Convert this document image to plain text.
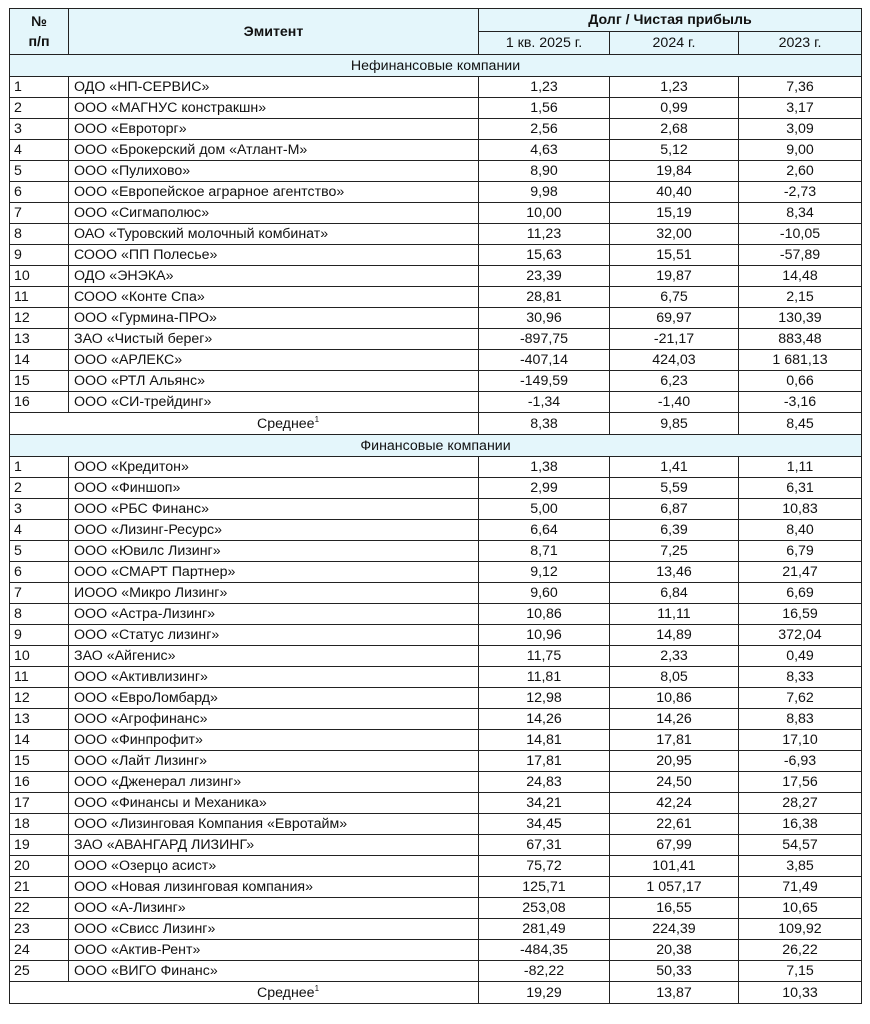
№
п/п	Эмитент	Долг / Чистая прибыль		
		1 кв. 2025 г.	2024 г.	2023 г.
Нефинансовые компании				
1	ОДО «НП-СЕРВИС»	1,23	1,23	7,36
2	ООО «МАГНУС констракшн»	1,56	0,99	3,17
3	ООО «Евроторг»	2,56	2,68	3,09
4	ООО «Брокерский дом «Атлант-М»	4,63	5,12	9,00
5	ООО «Пулихово»	8,90	19,84	2,60
6	ООО «Европейское аграрное агентство»	9,98	40,40	-2,73
7	ООО «Сигмаполюс»	10,00	15,19	8,34
8	ОАО «Туровский молочный комбинат»	11,23	32,00	-10,05
9	СООО «ПП Полесье»	15,63	15,51	-57,89
10	ОДО «ЭНЭКА»	23,39	19,87	14,48
11	СООО «Конте Спа»	28,81	6,75	2,15
12	ООО «Гурмина-ПРО»	30,96	69,97	130,39
13	ЗАО «Чистый берег»	-897,75	-21,17	883,48
14	ООО «АРЛЕКС»	-407,14	424,03	1 681,13
15	ООО «РТЛ Альянс»	-149,59	6,23	0,66
16	ООО «СИ-трейдинг»	-1,34	-1,40	-3,16
Среднее$^1$		8,38	9,85	8,45
Финансовые компании				
1	ООО «Кредитон»	1,38	1,41	1,11
2	ООО «Финшоп»	2,99	5,59	6,31
3	ООО «РБС Финанс»	5,00	6,87	10,83
4	ООО «Лизинг-Ресурс»	6,64	6,39	8,40
5	ООО «Ювилс Лизинг»	8,71	7,25	6,79
6	ООО «СМАРТ Партнер»	9,12	13,46	21,47
7	ИООО «Микро Лизинг»	9,60	6,84	6,69
8	ООО «Астра-Лизинг»	10,86	11,11	16,59
9	ООО «Статус лизинг»	10,96	14,89	372,04
10	ЗАО «Айгенис»	11,75	2,33	0,49
11	ООО «Активлизинг»	11,81	8,05	8,33
12	ООО «ЕвроЛомбард»	12,98	10,86	7,62
13	ООО «Агрофинанс»	14,26	14,26	8,83
14	ООО «Финпрофит»	14,81	17,81	17,10
15	ООО «Лайт Лизинг»	17,81	20,95	-6,93
16	ООО «Дженерал лизинг»	24,83	24,50	17,56
17	ООО «Финансы и Механика»	34,21	42,24	28,27
18	ООО «Лизинговая Компания «Евротайм»	34,45	22,61	16,38
19	ЗАО «АВАНГАРД ЛИЗИНГ»	67,31	67,99	54,57
20	ООО «Озерцо асист»	75,72	101,41	3,85
21	ООО «Новая лизинговая компания»	125,71	1 057,17	71,49
22	ООО «А-Лизинг»	253,08	16,55	10,65
23	ООО «Свисс Лизинг»	281,49	224,39	109,92
24	ООО «Актив-Рент»	-484,35	20,38	26,22
25	ООО «ВИГО Финанс»	-82,22	50,33	7,15
Среднее$^1$		19,29	13,87	10,33
